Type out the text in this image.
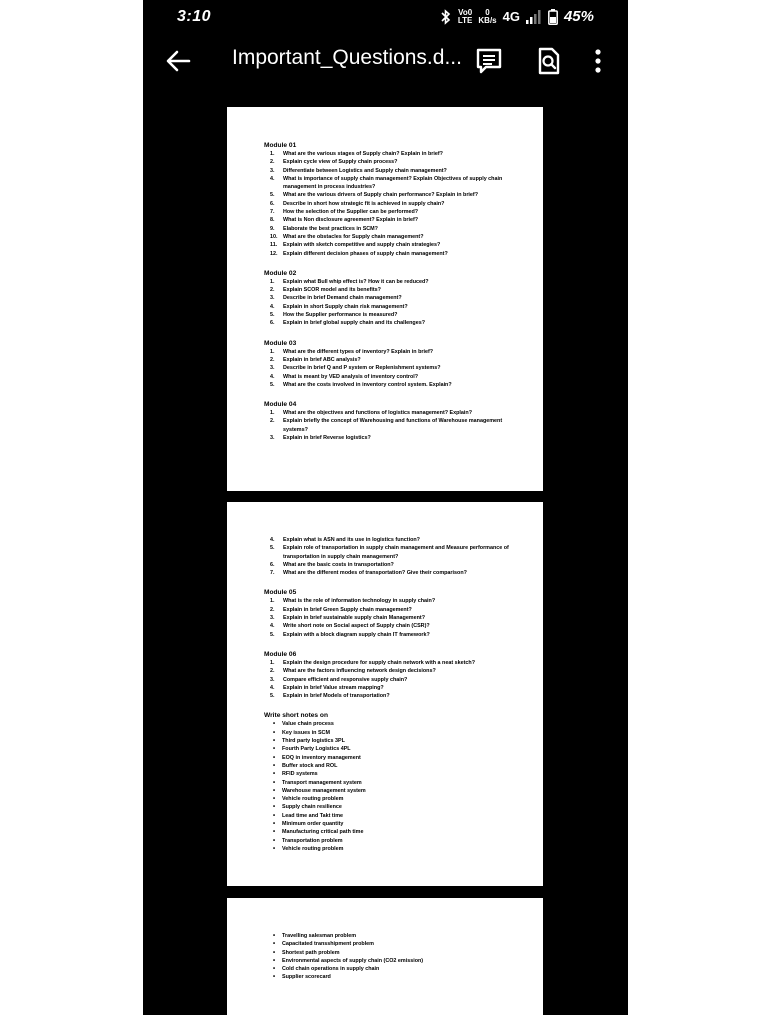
3:10	Vo0
LTE
0
KB/s 4G	45%
Important_Questions.d...
Module 01
1.	What are the various stages of Supply chain? Explain in brief?
2.	Explain cycle view of Supply chain process?
3.	Differentiate between Logistics and Supply chain management?
4.	What is importance of supply chain management? Explain Objectives of supply chain management in process industries?
5.	What are the various drivers of Supply chain performance? Explain in brief?
6.	Describe in short how strategic fit is achieved in supply chain?
7.	How the selection of the Supplier can be performed?
8.	What is Non disclosure agreement? Explain in brief?
9.	Elaborate the best practices in SCM?
10.	What are the obstacles for Supply chain management?
11.	Explain with sketch competitive and supply chain strategies?
12.	Explain different decision phases of supply chain management?
Module 02
1.	Explain what Bull whip effect is? How it can be reduced?
2.	Explain SCOR model and its benefits?
3.	Describe in brief Demand chain management?
4.	Explain in short Supply chain risk management?
5.	How the Supplier performance is measured?
6.	Explain in brief global supply chain and its challenges?
Module 03
1.	What are the different types of inventory? Explain in brief?
2.	Explain in brief ABC analysis?
3.	Describe in brief Q and P system or Replenishment systems?
4.	What is meant by VED analysis of inventory control?
5.	What are the costs involved in inventory control system. Explain?
Module 04
1.	What are the objectives and functions of logistics management? Explain?
2.	Explain briefly the concept of Warehousing and functions of Warehouse management systems?
3.	Explain in brief Reverse logistics?
4.	Explain what is ASN and its use in logistics function?
5.	Explain role of transportation in supply chain management and Measure performance of transportation in supply chain management?
6.	What are the basic costs in transportation?
7.	What are the different modes of transportation? Give their comparison?
Module 05
1.	What is the role of information technology in supply chain?
2.	Explain in brief Green Supply chain management?
3.	Explain in brief sustainable supply chain Management?
4.	Write short note on Social aspect of Supply chain (CSR)?
5.	Explain with a block diagram supply chain IT framework?
Module 06
1.	Explain the design procedure for supply chain network with a neat sketch?
2.	What are the factors influencing network design decisions?
3.	Compare efficient and responsive supply chain?
4.	Explain in brief Value stream mapping?
5.	Explain in brief Models of transportation?
Write short notes on
• Value chain process
• Key issues in SCM
• Third party logistics 3PL
• Fourth Party Logistics 4PL
• EOQ in inventory management
• Buffer stock and ROL
• RFID systems
• Transport management system
• Warehouse management system
• Vehicle routing problem
• Supply chain resilience
• Lead time and Takt time
• Minimum order quantity
• Manufacturing critical path time
• Transportation problem
• Vehicle routing problem
• Travelling salesman problem
• Capacitated transshipment problem
• Shortest path problem
• Environmental aspects of supply chain (CO2 emission)
• Cold chain operations in supply chain
• Supplier scorecard
